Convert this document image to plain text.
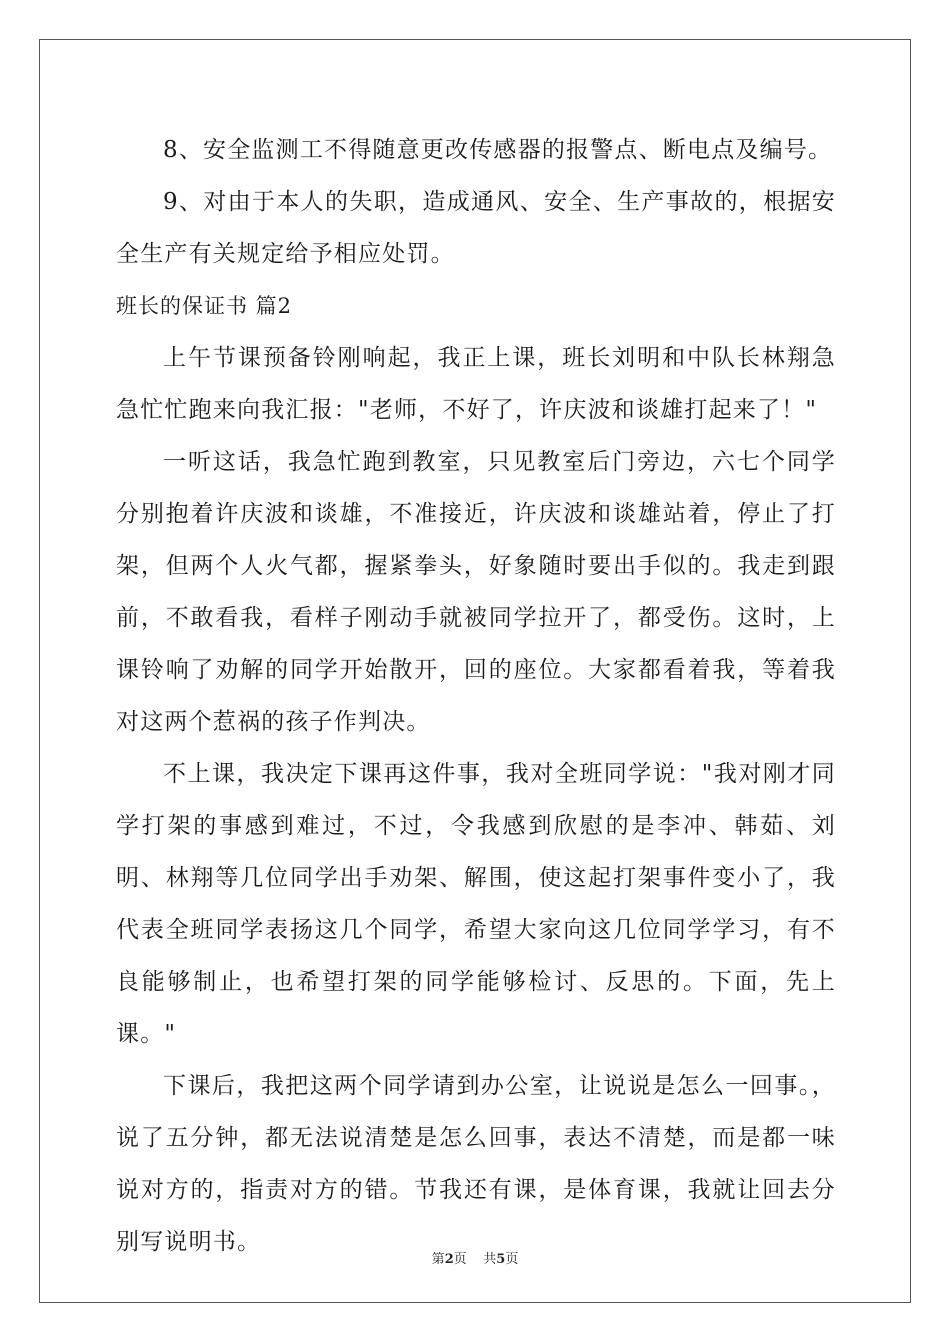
8、安全监测工不得随意更改传感器的报警点、断电点及编号。

9、对由于本人的失职，造成通风、安全、生产事故的，根据安全生产有关规定给予相应处罚。

班长的保证书 篇2

上午节课预备铃刚响起，我正上课，班长刘明和中队长林翔急急忙忙跑来向我汇报："老师，不好了，许庆波和谈雄打起来了！"

一听这话，我急忙跑到教室，只见教室后门旁边，六七个同学分别抱着许庆波和谈雄，不准接近，许庆波和谈雄站着，停止了打架，但两个人火气都，握紧拳头，好象随时要出手似的。我走到跟前，不敢看我，看样子刚动手就被同学拉开了，都受伤。这时，上课铃响了劝解的同学开始散开，回的座位。大家都看着我，等着我对这两个惹祸的孩子作判决。

不上课，我决定下课再这件事，我对全班同学说："我对刚才同学打架的事感到难过，不过，令我感到欣慰的是李冲、韩茹、刘明、林翔等几位同学出手劝架、解围，使这起打架事件变小了，我代表全班同学表扬这几个同学，希望大家向这几位同学学习，有不良能够制止，也希望打架的同学能够检讨、反思的。下面，先上课。"

下课后，我把这两个同学请到办公室，让说说是怎么一回事。，说了五分钟，都无法说清楚是怎么回事，表达不清楚，而是都一味说对方的，指责对方的错。节我还有课，是体育课，我就让回去分别写说明书。

第2页    共5页
